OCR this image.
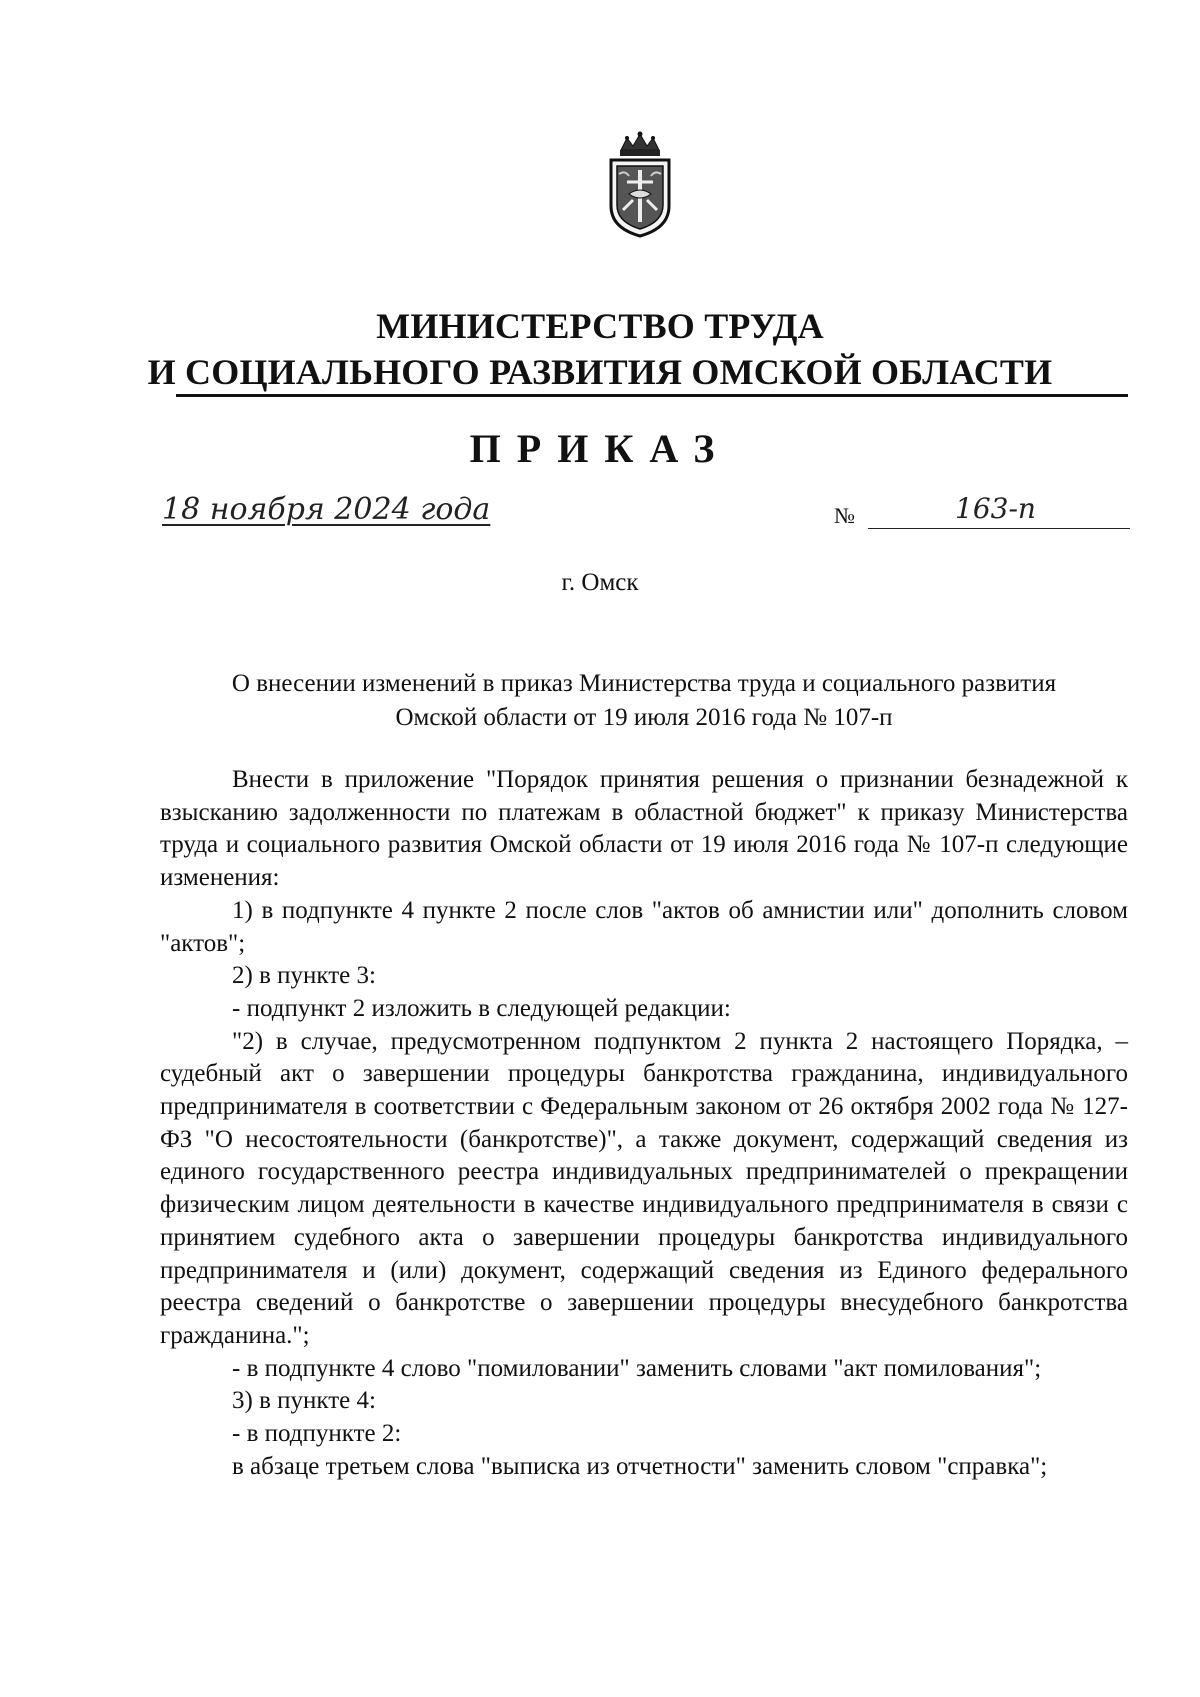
МИНИСТЕРСТВО ТРУДА
И СОЦИАЛЬНОГО РАЗВИТИЯ ОМСКОЙ ОБЛАСТИ
ПРИКАЗ
18 ноября 2024 года	№	163-п
г. Омск
О внесении изменений в приказ Министерства труда и социального развития
Омской области от 19 июля 2016 года № 107-п

Внести в приложение "Порядок принятия решения о признании безнадежной к взысканию задолженности по платежам в областной бюджет" к приказу Министерства труда и социального развития Омской области от 19 июля 2016 года № 107-п следующие изменения:

1) в подпункте 4 пункте 2 после слов "актов об амнистии или" дополнить словом "актов";

2) в пункте 3:

- подпункт 2 изложить в следующей редакции:

"2) в случае, предусмотренном подпунктом 2 пункта 2 настоящего Порядка, – судебный акт о завершении процедуры банкротства гражданина, индивидуального предпринимателя в соответствии с Федеральным законом от 26 октября 2002 года № 127-ФЗ "О несостоятельности (банкротстве)", а также документ, содержащий сведения из единого государственного реестра индивидуальных предпринимателей о прекращении физическим лицом деятельности в качестве индивидуального предпринимателя в связи с принятием судебного акта о завершении процедуры банкротства индивидуального предпринимателя и (или) документ, содержащий сведения из Единого федерального реестра сведений о банкротстве о завершении процедуры внесудебного банкротства гражданина.";

- в подпункте 4 слово "помиловании" заменить словами "акт помилования";

3) в пункте 4:

- в подпункте 2:

в абзаце третьем слова "выписка из отчетности" заменить словом "справка";
